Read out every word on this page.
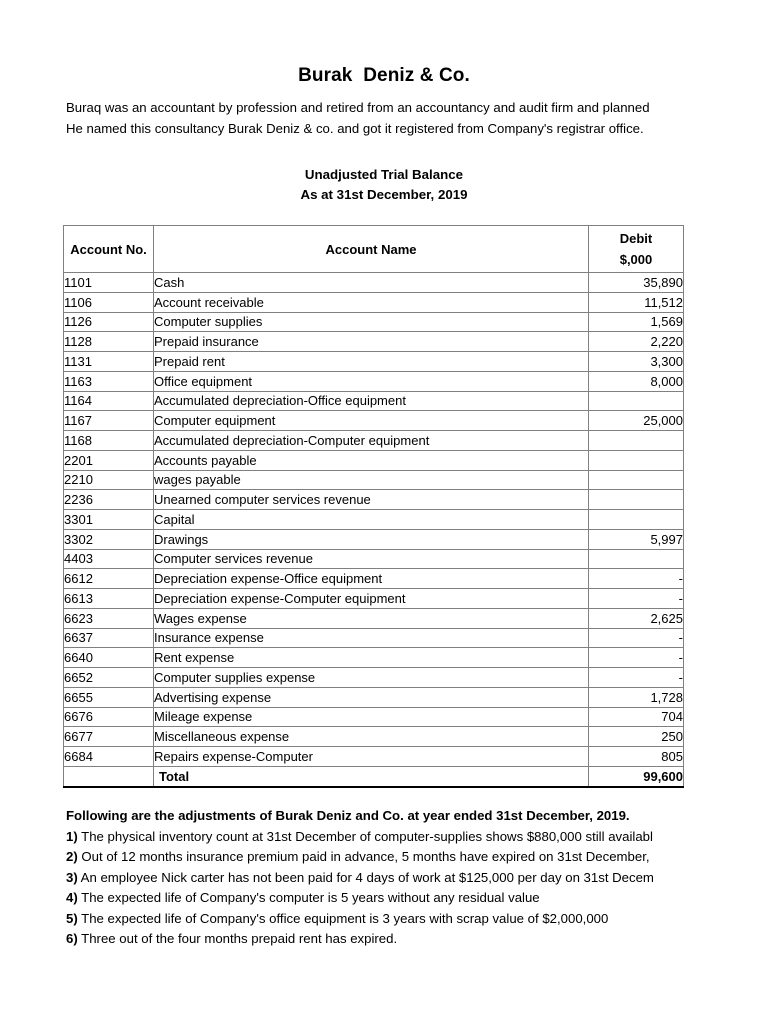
Burak  Deniz & Co.

Buraq was an accountant by profession and retired from an accountancy and audit firm and planned

He named this consultancy Burak Deniz & co. and got it registered from Company's registrar office.

Unadjusted Trial Balance
As at 31st December, 2019
Account No.	Account Name	Debit
$,000

1101	Cash	35,890
1106	Account receivable	11,512
1126	Computer supplies	1,569
1128	Prepaid insurance	2,220
1131	Prepaid rent	3,300
1163	Office equipment	8,000
1164	Accumulated depreciation-Office equipment	
1167	Computer equipment	25,000
1168	Accumulated depreciation-Computer equipment	
2201	Accounts payable	
2210	wages payable	
2236	Unearned computer services revenue	
3301	Capital	
3302	Drawings	5,997
4403	Computer services revenue	
6612	Depreciation expense-Office equipment	-
6613	Depreciation expense-Computer equipment	-
6623	Wages expense	2,625
6637	Insurance expense	-
6640	Rent expense	-
6652	Computer supplies expense	-
6655	Advertising expense	1,728
6676	Mileage expense	704
6677	Miscellaneous expense	250
6684	Repairs expense-Computer	805
	Total	99,600
Following are the adjustments of Burak Deniz and Co. at year ended 31st December, 2019.
1) The physical inventory count at 31st December of computer-supplies shows $880,000 still availabl
2) Out of 12 months insurance premium paid in advance, 5 months have expired on 31st December,
3) An employee Nick carter has not been paid for 4 days of work at $125,000 per day on 31st Decem
4) The expected life of Company's computer is 5 years without any residual value
5) The expected life of Company's office equipment is 3 years with scrap value of $2,000,000
6) Three out of the four months prepaid rent has expired.
